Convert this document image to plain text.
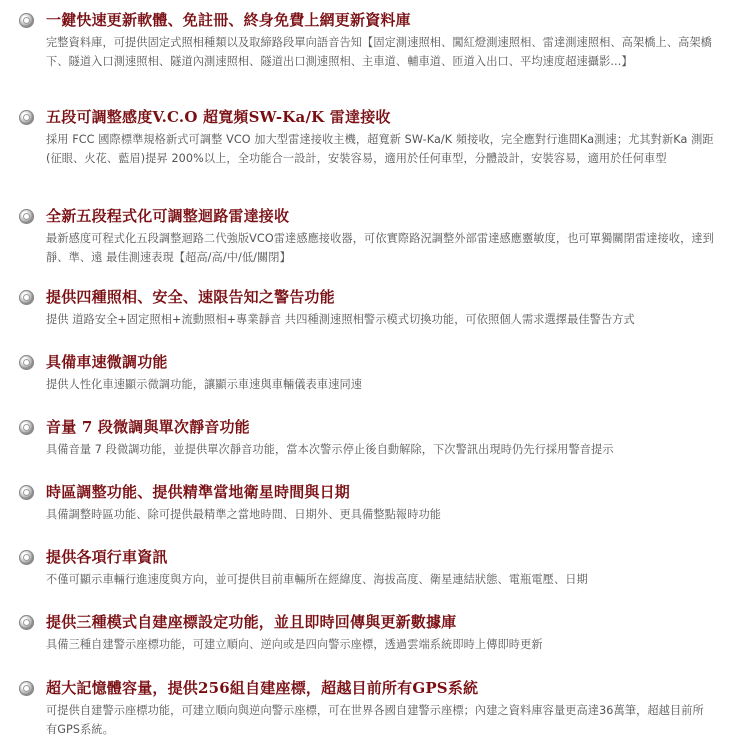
一鍵快速更新軟體、免註冊、終身免費上網更新資料庫

完整資料庫，可提供固定式照相種類以及取締路段單向語音告知【固定測速照相、闖紅燈測速照相、雷達測速照相、高架橋上、高架橋下、隧道入口測速照相、隧道內測速照相、隧道出口測速照相、主車道、輔車道、匝道入出口、平均速度超速攝影...】

五段可調整感度V.C.O 超寬頻SW-Ka/K 雷達接收

採用 FCC 國際標準規格新式可調整 VCO 加大型雷達接收主機，超寬新 SW-Ka/K 頻接收，完全應對行進間Ka測速；尤其對新Ka 測距(征眼、火花、藍眉)提昇 200%以上，全功能合一設計，安裝容易，適用於任何車型，分體設計，安裝容易，適用於任何車型

全新五段程式化可調整迴路雷達接收

最新感度可程式化五段調整迴路二代強版VCO雷達感應接收器，可依實際路況調整外部雷達感應靈敏度，也可單獨關閉雷達接收，達到 靜、準、遠 最佳測速表現【超高/高/中/低/關閉】

提供四種照相、安全、速限告知之警告功能

提供 道路安全+固定照相+流動照相+專業靜音 共四種測速照相警示模式切換功能，可依照個人需求選擇最佳警告方式

具備車速微調功能

提供人性化車速顯示微調功能，讓顯示車速與車輛儀表車速同速

音量 7 段微調與單次靜音功能

具備音量 7 段微調功能，並提供單次靜音功能，當本次警示停止後自動解除，下次警訊出現時仍先行採用警音提示

時區調整功能、提供精準當地衛星時間與日期

具備調整時區功能、除可提供最精準之當地時間、日期外、更具備整點報時功能

提供各項行車資訊

不僅可顯示車輛行進速度與方向，並可提供目前車輛所在經緯度、海拔高度、衛星連結狀態、電瓶電壓、日期

提供三種模式自建座標設定功能，並且即時回傳與更新數據庫

具備三種自建警示座標功能，可建立順向、逆向或是四向警示座標，透過雲端系統即時上傳即時更新

超大記憶體容量，提供256組自建座標，超越目前所有GPS系統

可提供自建警示座標功能，可建立順向與逆向警示座標，可在世界各國自建警示座標；內建之資料庫容量更高達36萬筆，超越目前所有GPS系統。
